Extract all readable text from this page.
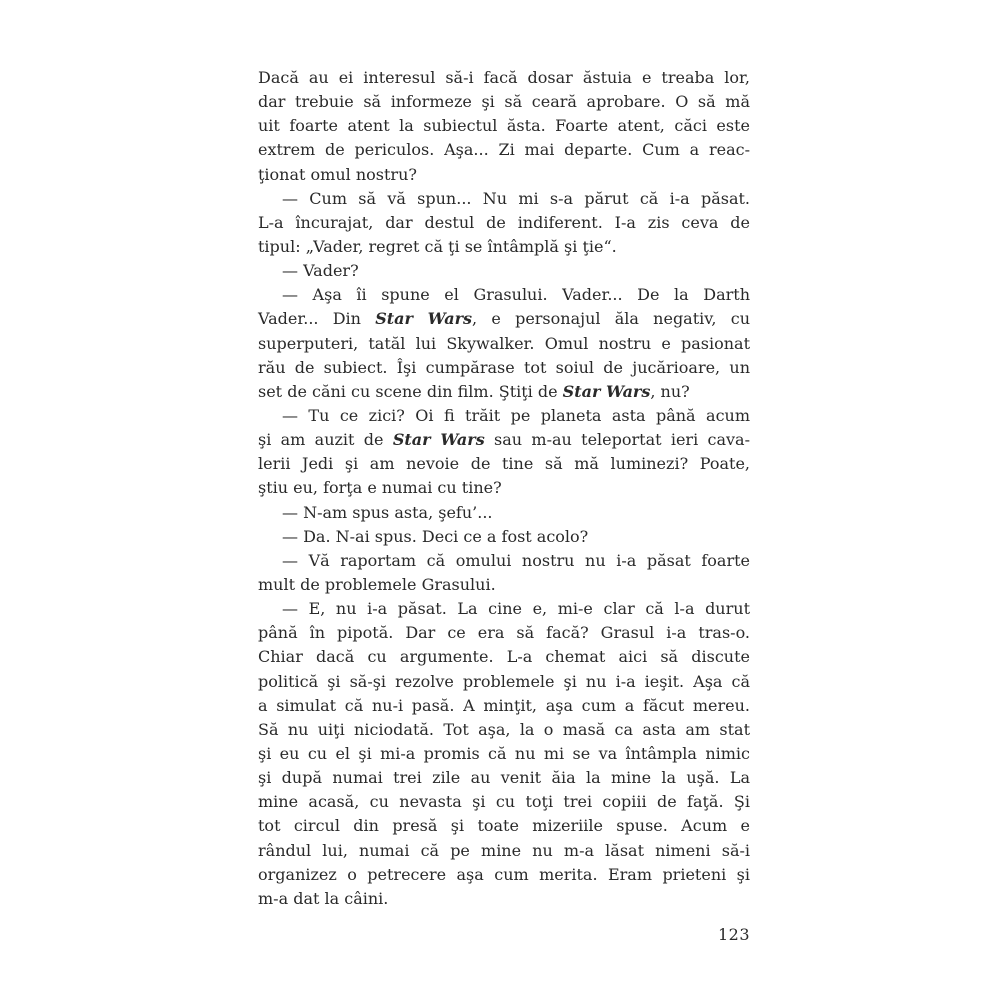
Dacă au ei interesul să-i facă dosar ăstuia e treaba lor,
dar trebuie să informeze şi să ceară aprobare. O să mă
uit foarte atent la subiectul ăsta. Foarte atent, căci este
extrem de periculos. Aşa... Zi mai departe. Cum a reac-
ţionat omul nostru?
— Cum să vă spun... Nu mi s-a părut că i-a păsat.
L-a încurajat, dar destul de indiferent. I-a zis ceva de
tipul: „Vader, regret că ţi se întâmplă şi ţie“.
— Vader?
— Aşa îi spune el Grasului. Vader... De la Darth
Vader... Din Star Wars, e personajul ăla negativ, cu
superputeri, tatăl lui Skywalker. Omul nostru e pasionat
rău de subiect. Îşi cumpărase tot soiul de jucărioare, un
set de căni cu scene din film. Ştiţi de Star Wars, nu?
— Tu ce zici? Oi fi trăit pe planeta asta până acum
şi am auzit de Star Wars sau m-au teleportat ieri cava-
lerii Jedi şi am nevoie de tine să mă luminezi? Poate,
ştiu eu, forţa e numai cu tine?
— N-am spus asta, şefu’...
— Da. N-ai spus. Deci ce a fost acolo?
— Vă raportam că omului nostru nu i-a păsat foarte
mult de problemele Grasului.
— E, nu i-a păsat. La cine e, mi-e clar că l-a durut
până în pipotă. Dar ce era să facă? Grasul i-a tras-o.
Chiar dacă cu argumente. L-a chemat aici să discute
politică şi să-şi rezolve problemele şi nu i-a ieşit. Aşa că
a simulat că nu-i pasă. A minţit, aşa cum a făcut mereu.
Să nu uiţi niciodată. Tot aşa, la o masă ca asta am stat
şi eu cu el şi mi-a promis că nu mi se va întâmpla nimic
şi după numai trei zile au venit ăia la mine la uşă. La
mine acasă, cu nevasta şi cu toţi trei copiii de faţă. Şi
tot circul din presă şi toate mizeriile spuse. Acum e
rândul lui, numai că pe mine nu m-a lăsat nimeni să-i
organizez o petrecere aşa cum merita. Eram prieteni şi
m-a dat la câini.
123
